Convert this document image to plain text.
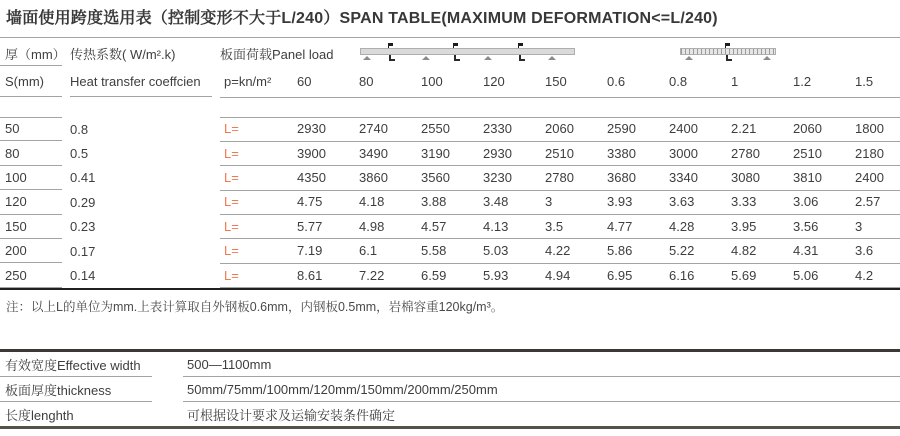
墙面使用跨度选用表（控制变形不大于L/240）SPAN TABLE(MAXIMUM DEFORMATION<=L/240)
厚（mm） 传热系数( W/m².k)	板面荷载Panel load
S(mm)	Heat transfer coeffcien	p=kn/m²	60	80	100	120	150	0.6	0.8	1	1.2	1.5
50	0.8	L=	2930	2740	2550	2330	2060	2590	2400	2.21	2060	1800
80	0.5	L=	3900	3490	3190	2930	2510	3380	3000	2780	2510	2180
100	0.41	L=	4350	3860	3560	3230	2780	3680	3340	3080	3810	2400
120	0.29	L=	4.75	4.18	3.88	3.48	3	3.93	3.63	3.33	3.06	2.57
150	0.23	L=	5.77	4.98	4.57	4.13	3.5	4.77	4.28	3.95	3.56	3
200	0.17	L=	7.19	6.1	5.58	5.03	4.22	5.86	5.22	4.82	4.31	3.6
250	0.14	L=	8.61	7.22	6.59	5.93	4.94	6.95	6.16	5.69	5.06	4.2
注：以上L的单位为mm.上表计算取自外钢板0.6mm，内钢板0.5mm，岩棉容重120kg/m³。
有效宽度Effective width	500—1100mm
板面厚度thickness	50mm/75mm/100mm/120mm/150mm/200mm/250mm
长度lenghth	可根据设计要求及运输安装条件确定
